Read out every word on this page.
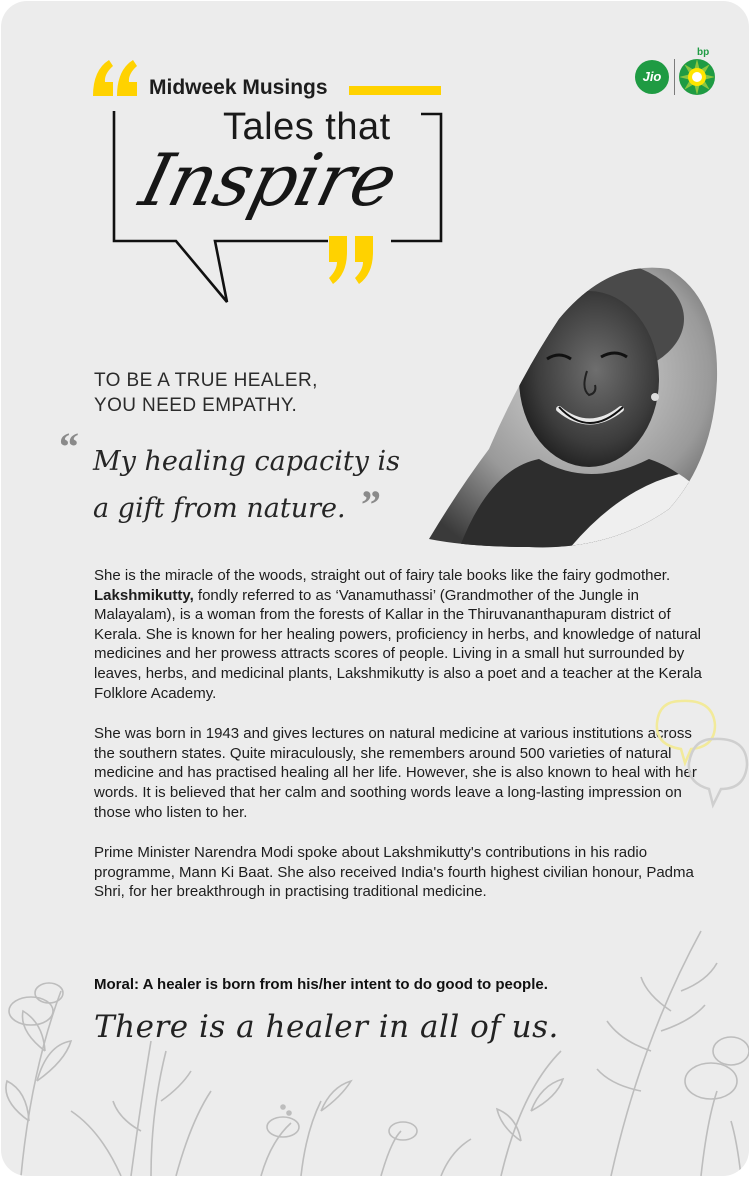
Jio
bp
Midweek Musings
Tales that
Inspire
TO BE A TRUE HEALER,
YOU NEED EMPATHY.
“ My healing capacity is
a gift from nature. ”

She is the miracle of the woods, straight out of fairy tale books like the fairy godmother. Lakshmikutty, fondly referred to as ‘Vanamuthassi’ (Grandmother of the Jungle in Malayalam), is a woman from the forests of Kallar in the Thiruvananthapuram district of Kerala. She is known for her healing powers, proficiency in herbs, and knowledge of natural medicines and her prowess attracts scores of people. Living in a small hut surrounded by leaves, herbs, and medicinal plants, Lakshmikutty is also a poet and a teacher at the Kerala Folklore Academy.

She was born in 1943 and gives lectures on natural medicine at various institutions across the southern states. Quite miraculously, she remembers around 500 varieties of natural medicine and has practised healing all her life. However, she is also known to heal with her words. It is believed that her calm and soothing words leave a long-lasting impression on those who listen to her.

Prime Minister Narendra Modi spoke about Lakshmikutty's contributions in his radio programme, Mann Ki Baat. She also received India's fourth highest civilian honour, Padma Shri, for her breakthrough in practising traditional medicine.

Moral: A healer is born from his/her intent to do good to people.
There is a healer in all of us.
